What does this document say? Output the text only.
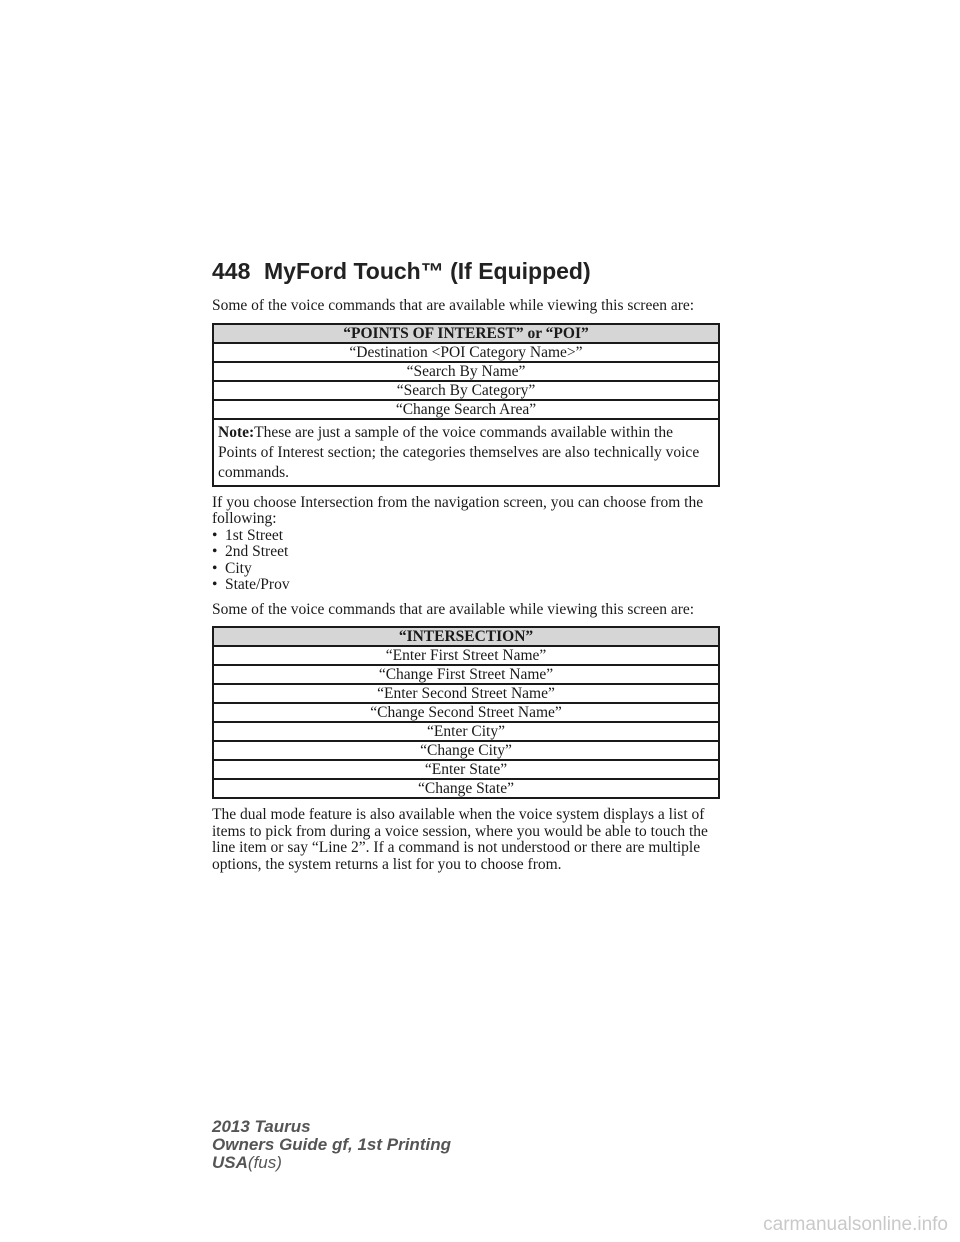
448 MyFord Touch™ (If Equipped)

Some of the voice commands that are available while viewing this screen are:

“POINTS OF INTEREST” or “POI”
“Destination <POI Category Name>”
“Search By Name”
“Search By Category”
“Change Search Area”
Note:These are just a sample of the voice commands available within the Points of Interest section; the categories themselves are also technically voice commands.

If you choose Intersection from the navigation screen, you can choose from the following:

• 1st Street
• 2nd Street
• City
• State/Prov

Some of the voice commands that are available while viewing this screen are:

“INTERSECTION”
“Enter First Street Name”
“Change First Street Name”
“Enter Second Street Name”
“Change Second Street Name”
“Enter City”
“Change City”
“Enter State”
“Change State”

The dual mode feature is also available when the voice system displays a list of items to pick from during a voice session, where you would be able to touch the line item or say “Line 2”. If a command is not understood or there are multiple options, the system returns a list for you to choose from.

2013 Taurus
Owners Guide gf, 1st Printing
USA(fus)
carmanualsonline.info
